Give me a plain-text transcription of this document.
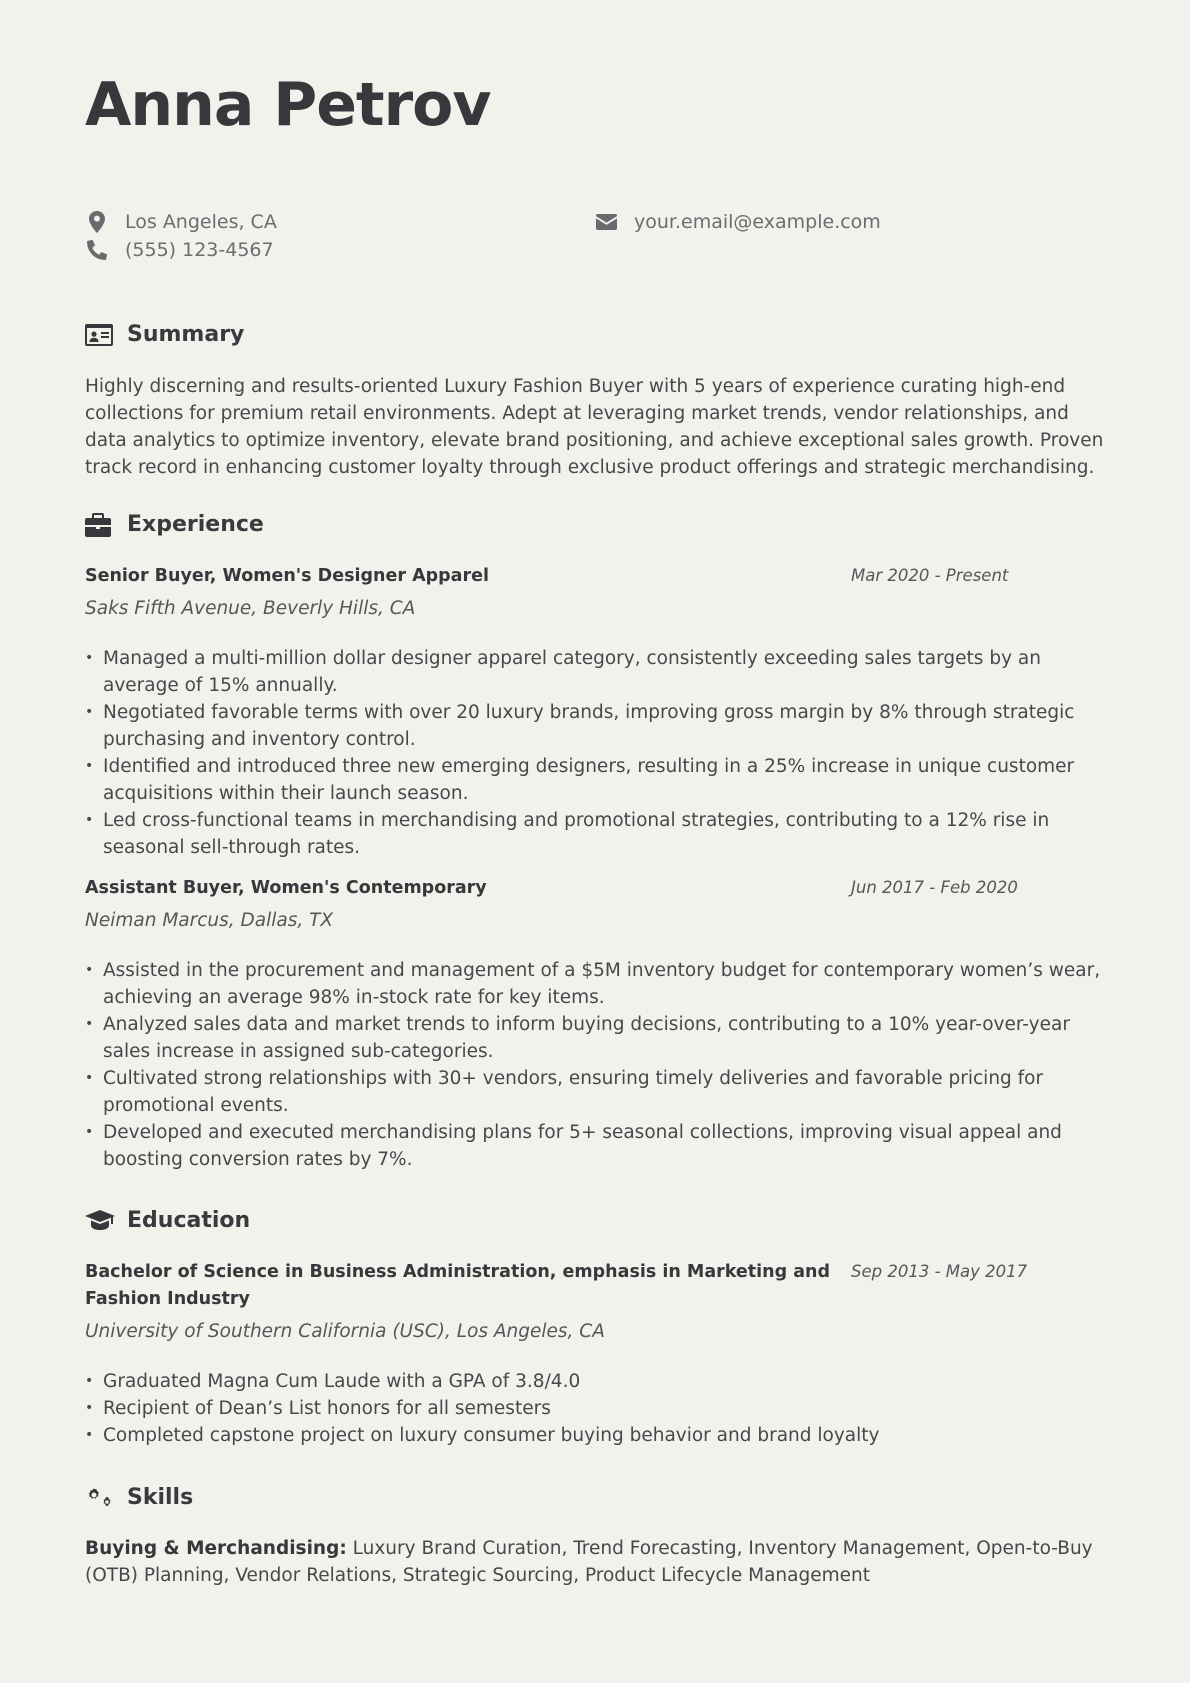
Anna Petrov
Los Angeles, CA	your.email@example.com
(555) 123-4567
Summary

Highly discerning and results-oriented Luxury Fashion Buyer with 5 years of experience curating high-end collections for premium retail environments. Adept at leveraging market trends, vendor relationships, and data analytics to optimize inventory, elevate brand positioning, and achieve exceptional sales growth. Proven track record in enhancing customer loyalty through exclusive product offerings and strategic merchandising.

Experience

Senior Buyer, Women's Designer Apparel	Mar 2020 - Present

Saks Fifth Avenue, Beverly Hills, CA

• Managed a multi-million dollar designer apparel category, consistently exceeding sales targets by an average of 15% annually.
• Negotiated favorable terms with over 20 luxury brands, improving gross margin by 8% through strategic purchasing and inventory control.
• Identified and introduced three new emerging designers, resulting in a 25% increase in unique customer acquisitions within their launch season.
• Led cross-functional teams in merchandising and promotional strategies, contributing to a 12% rise in seasonal sell-through rates.

Assistant Buyer, Women's Contemporary	Jun 2017 - Feb 2020

Neiman Marcus, Dallas, TX

• Assisted in the procurement and management of a $5M inventory budget for contemporary women’s wear, achieving an average 98% in-stock rate for key items.
• Analyzed sales data and market trends to inform buying decisions, contributing to a 10% year-over-year sales increase in assigned sub-categories.
• Cultivated strong relationships with 30+ vendors, ensuring timely deliveries and favorable pricing for promotional events.
• Developed and executed merchandising plans for 5+ seasonal collections, improving visual appeal and boosting conversion rates by 7%.
Education

Bachelor of Science in Business Administration, emphasis in Marketing and Fashion Industry

Sep 2013 - May 2017

University of Southern California (USC), Los Angeles, CA

• Graduated Magna Cum Laude with a GPA of 3.8/4.0
• Recipient of Dean’s List honors for all semesters
• Completed capstone project on luxury consumer buying behavior and brand loyalty
Skills

Buying & Merchandising: Luxury Brand Curation, Trend Forecasting, Inventory Management, Open-to-Buy (OTB) Planning, Vendor Relations, Strategic Sourcing, Product Lifecycle Management
